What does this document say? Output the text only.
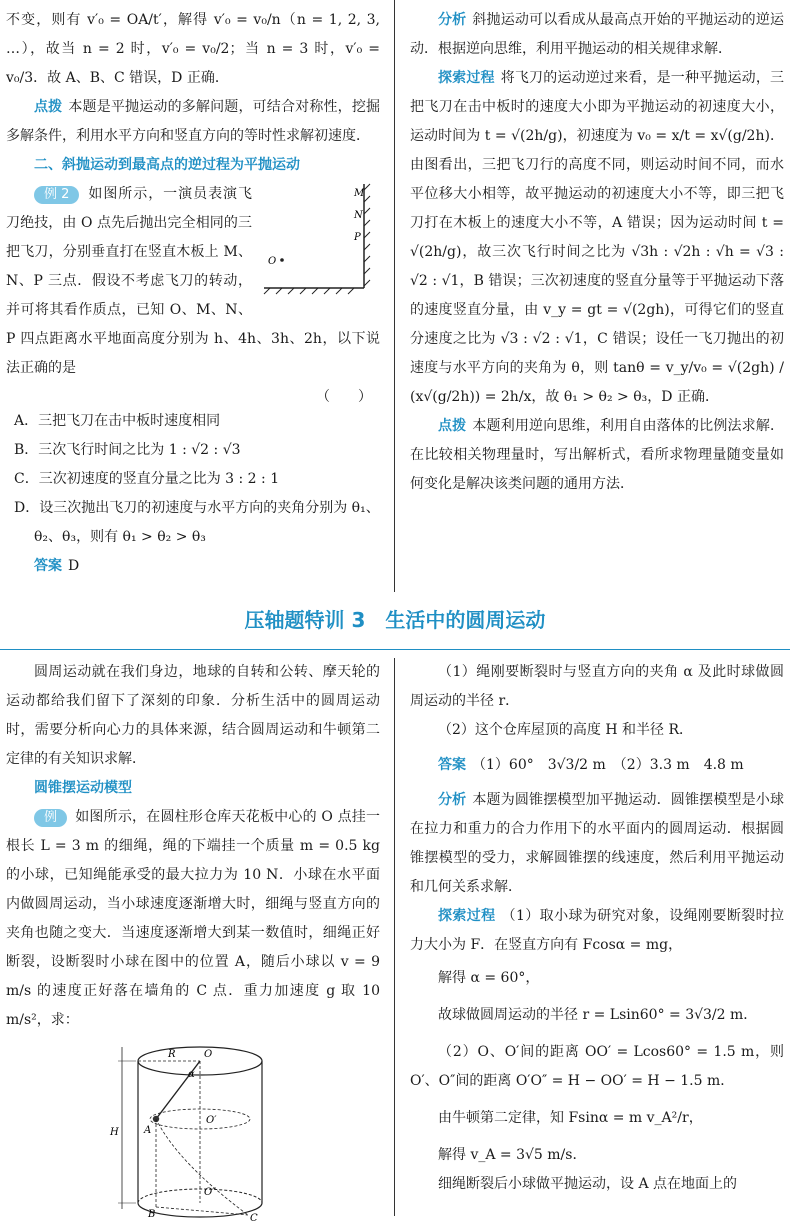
不变，则有 v′₀ = OA/t′，解得 v′₀ = v₀/n（n = 1, 2, 3, …），故当 n = 2 时，v′₀ = v₀/2；当 n = 3 时，v′₀ = v₀/3．故 A、B、C 错误，D 正确．

点拨 本题是平抛运动的多解问题，可结合对称性，挖掘多解条件，利用水平方向和竖直方向的等时性求解初速度．

二、斜抛运动到最高点的逆过程为平抛运动
M
N
P
O

例 2 如图所示，一演员表演飞刀绝技，由 O 点先后抛出完全相同的三把飞刀，分别垂直打在竖直木板上 M、N、P 三点．假设不考虑飞刀的转动，并可将其看作质点，已知 O、M、N、P 四点距离水平地面高度分别为 h、4h、3h、2h，以下说法正确的是

（　　）
A．三把飞刀在击中板时速度相同
B．三次飞行时间之比为 1 : √2 : √3
C．三次初速度的竖直分量之比为 3 : 2 : 1
D．设三次抛出飞刀的初速度与水平方向的夹角分别为 θ₁、θ₂、θ₃，则有 θ₁ > θ₂ > θ₃
答案 D

分析 斜抛运动可以看成从最高点开始的平抛运动的逆运动．根据逆向思维，利用平抛运动的相关规律求解．

探索过程 将飞刀的运动逆过来看，是一种平抛运动，三把飞刀在击中板时的速度大小即为平抛运动的初速度大小，运动时间为 t = √(2h/g)，初速度为 v₀ = x/t = x√(g/2h)．由图看出，三把飞刀行的高度不同，则运动时间不同，而水平位移大小相等，故平抛运动的初速度大小不等，即三把飞刀打在木板上的速度大小不等，A 错误；因为运动时间 t = √(2h/g)，故三次飞行时间之比为 √3h : √2h : √h = √3 : √2 : √1，B 错误；三次初速度的竖直分量等于平抛运动下落的速度竖直分量，由 v_y = gt = √(2gh)，可得它们的竖直分速度之比为 √3 : √2 : √1，C 错误；设任一飞刀抛出的初速度与水平方向的夹角为 θ，则 tanθ = v_y/v₀ = √(2gh) / (x√(g/2h)) = 2h/x，故 θ₁ > θ₂ > θ₃，D 正确．

点拨 本题利用逆向思维，利用自由落体的比例法求解．在比较相关物理量时，写出解析式，看所求物理量随变量如何变化是解决该类问题的通用方法．

压轴题特训 3　生活中的圆周运动

圆周运动就在我们身边，地球的自转和公转、摩天轮的运动都给我们留下了深刻的印象．分析生活中的圆周运动时，需要分析向心力的具体来源，结合圆周运动和牛顿第二定律的有关知识求解．

圆锥摆运动模型

例 如图所示，在圆柱形仓库天花板中心的 O 点挂一根长 L = 3 m 的细绳，绳的下端挂一个质量 m = 0.5 kg 的小球，已知绳能承受的最大拉力为 10 N．小球在水平面内做圆周运动，当小球速度逐渐增大时，细绳与竖直方向的夹角也随之变大．当速度逐渐增大到某一数值时，细绳正好断裂，设断裂时小球在图中的位置 A，随后小球以 v = 9 m/s 的速度正好落在墙角的 C 点．重力加速度 g 取 10 m/s²，求：

R	O
α
O′
H	A
O″
B	C

（1）绳刚要断裂时与竖直方向的夹角 α 及此时球做圆周运动的半径 r．

（2）这个仓库屋顶的高度 H 和半径 R．

答案 （1）60°　3√3/2 m　（2）3.3 m　4.8 m

分析 本题为圆锥摆模型加平抛运动．圆锥摆模型是小球在拉力和重力的合力作用下的水平面内的圆周运动．根据圆锥摆模型的受力，求解圆锥摆的线速度，然后利用平抛运动和几何关系求解．

探索过程 （1）取小球为研究对象，设绳刚要断裂时拉力大小为 F．在竖直方向有 Fcosα = mg，

解得 α = 60°，

故球做圆周运动的半径 r = Lsin60° = 3√3/2 m．

（2）O、O′间的距离 OO′ = Lcos60° = 1.5 m，则 O′、O″间的距离 O′O″ = H − OO′ = H − 1.5 m．

由牛顿第二定律，知 Fsinα = m v_A²/r，

解得 v_A = 3√5 m/s．

细绳断裂后小球做平抛运动，设 A 点在地面上的
